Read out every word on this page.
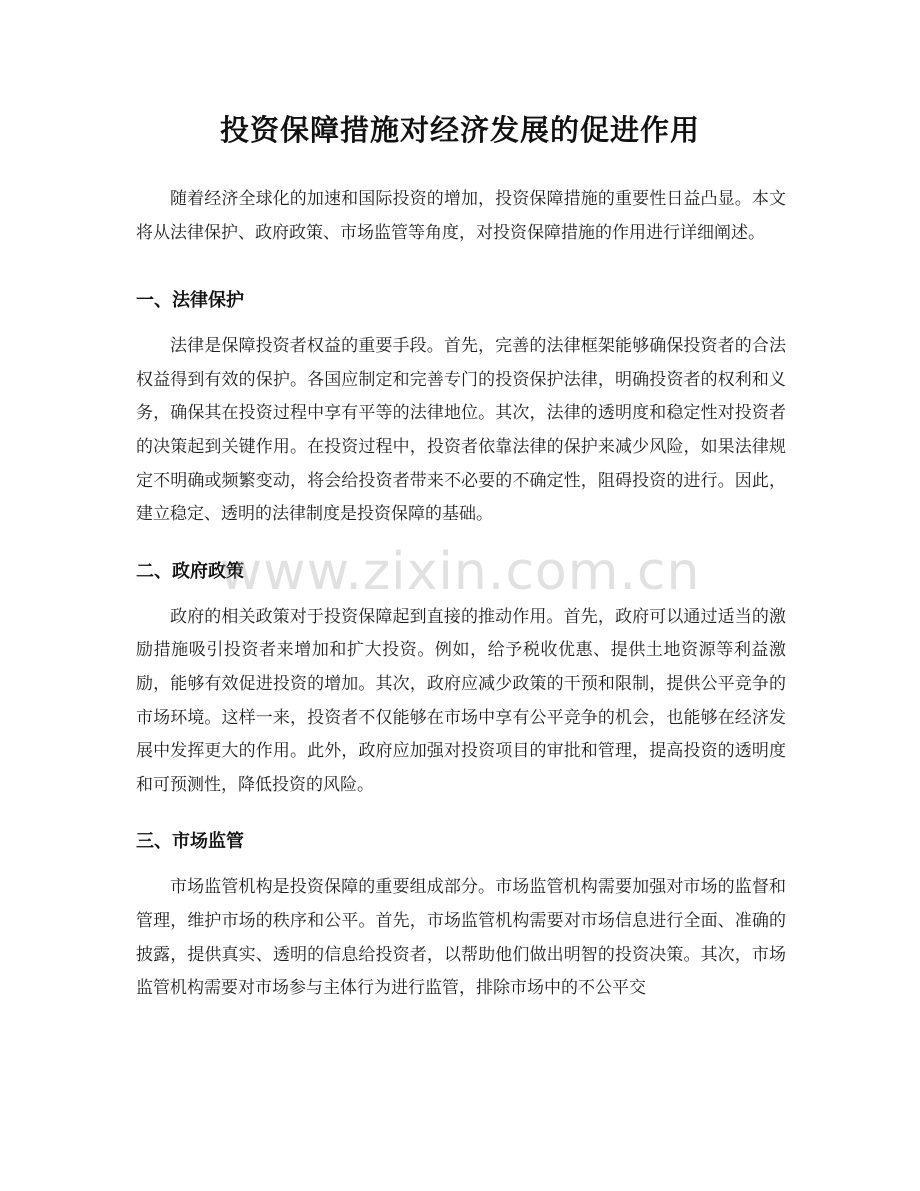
投资保障措施对经济发展的促进作用

随着经济全球化的加速和国际投资的增加，投资保障措施的重要性日益凸显。本文将从法律保护、政府政策、市场监管等角度，对投资保障措施的作用进行详细阐述。

一、法律保护

法律是保障投资者权益的重要手段。首先，完善的法律框架能够确保投资者的合法权益得到有效的保护。各国应制定和完善专门的投资保护法律，明确投资者的权利和义务，确保其在投资过程中享有平等的法律地位。其次，法律的透明度和稳定性对投资者的决策起到关键作用。在投资过程中，投资者依靠法律的保护来减少风险，如果法律规定不明确或频繁变动，将会给投资者带来不必要的不确定性，阻碍投资的进行。因此，建立稳定、透明的法律制度是投资保障的基础。

二、政府政策

政府的相关政策对于投资保障起到直接的推动作用。首先，政府可以通过适当的激励措施吸引投资者来增加和扩大投资。例如，给予税收优惠、提供土地资源等利益激励，能够有效促进投资的增加。其次，政府应减少政策的干预和限制，提供公平竞争的市场环境。这样一来，投资者不仅能够在市场中享有公平竞争的机会，也能够在经济发展中发挥更大的作用。此外，政府应加强对投资项目的审批和管理，提高投资的透明度和可预测性，降低投资的风险。

三、市场监管

市场监管机构是投资保障的重要组成部分。市场监管机构需要加强对市场的监督和管理，维护市场的秩序和公平。首先，市场监管机构需要对市场信息进行全面、准确的披露，提供真实、透明的信息给投资者，以帮助他们做出明智的投资决策。其次，市场监管机构需要对市场参与主体行为进行监管，排除市场中的不公平交

www.zixin.com.cn
